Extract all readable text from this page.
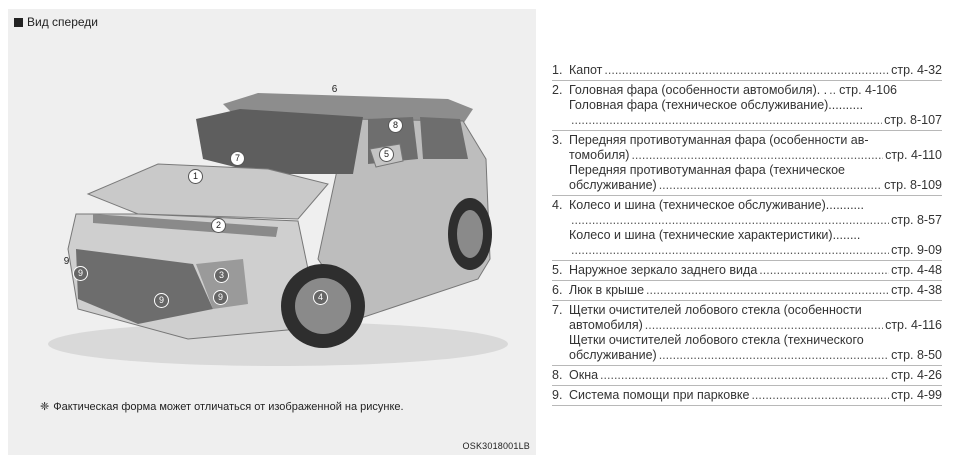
Вид спереди
6
8
5
7
1
2
3
9	4
9
9
9
❈ Фактическая форма может отличаться от изображенной на рисунке.
OSK3018001LB
1. Капот .....	стр. 4-32
2. Головная фара (особенности автомобиля). . ..... стр. 4-106
Головная фара (техническое обслуживание)..........
.....
стр. 8-107
3. Передняя противотуманная фара (особенности ав-
томобиля) .....	стр. 4-110
Передняя противотуманная фара (техническое
обслуживание) .....	стр. 8-109
4. Колесо и шина (техническое обслуживание)...........
.....
стр. 8-57
Колесо и шина (технические характеристики)........
.....
стр. 9-09
5. Наружное зеркало заднего вида .....	стр. 4-48
6. Люк в крыше .....	стр. 4-38
7. Щетки очистителей лобового стекла (особенности
автомобиля) .....	стр. 4-116
Щетки очистителей лобового стекла (технического
обслуживание) .....	стр. 8-50
8. Окна .....	стр. 4-26
9. Система помощи при парковке .....	стр. 4-99
